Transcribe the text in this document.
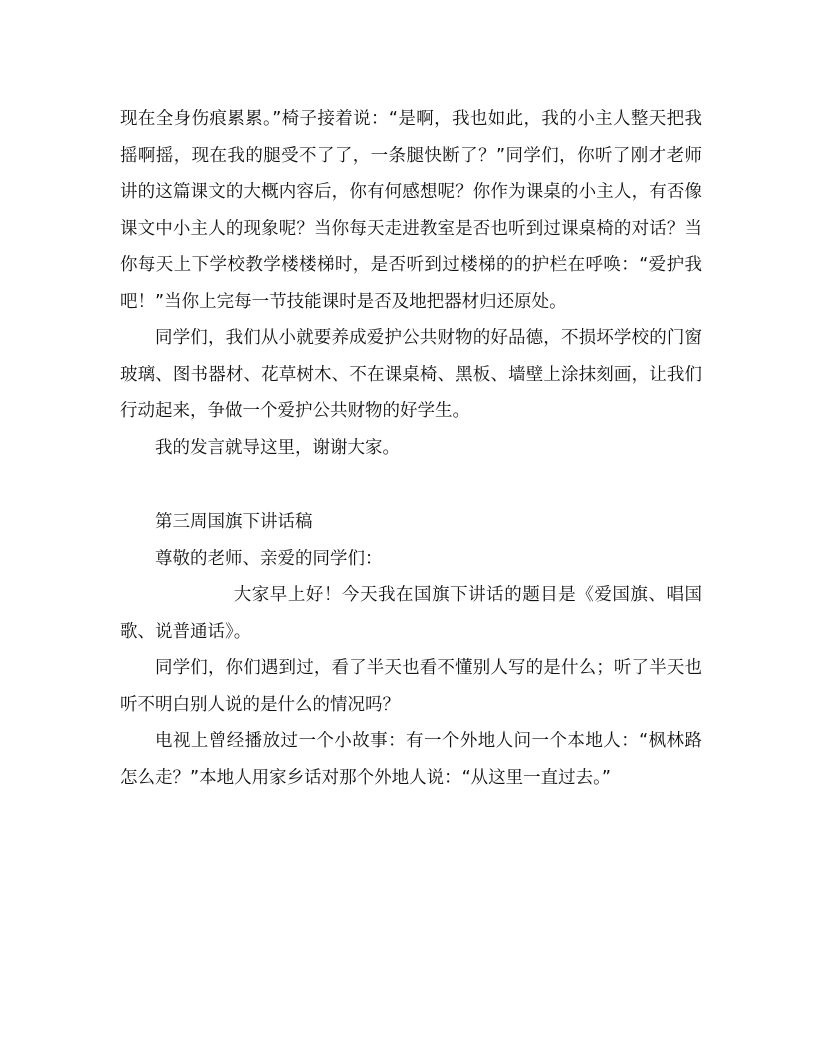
现在全身伤痕累累。”椅子接着说：“是啊，我也如此，我的小主人整天把我摇啊摇，现在我的腿受不了了，一条腿快断了？”同学们，你听了刚才老师讲的这篇课文的大概内容后，你有何感想呢？你作为课桌的小主人，有否像课文中小主人的现象呢？当你每天走进教室是否也听到过课桌椅的对话？当你每天上下学校教学楼楼梯时，是否听到过楼梯的的护栏在呼唤：“爱护我吧！”当你上完每一节技能课时是否及地把器材归还原处。

同学们，我们从小就要养成爱护公共财物的好品德，不损坏学校的门窗玻璃、图书器材、花草树木、不在课桌椅、黑板、墙壁上涂抹刻画，让我们行动起来，争做一个爱护公共财物的好学生。

我的发言就导这里，谢谢大家。

第三周国旗下讲话稿

尊敬的老师、亲爱的同学们：

大家早上好！今天我在国旗下讲话的题目是《爱国旗、唱国歌、说普通话》。

同学们，你们遇到过，看了半天也看不懂别人写的是什么；听了半天也听不明白别人说的是什么的情况吗？

电视上曾经播放过一个小故事：有一个外地人问一个本地人：“枫林路怎么走？”本地人用家乡话对那个外地人说：“从这里一直过去。”
